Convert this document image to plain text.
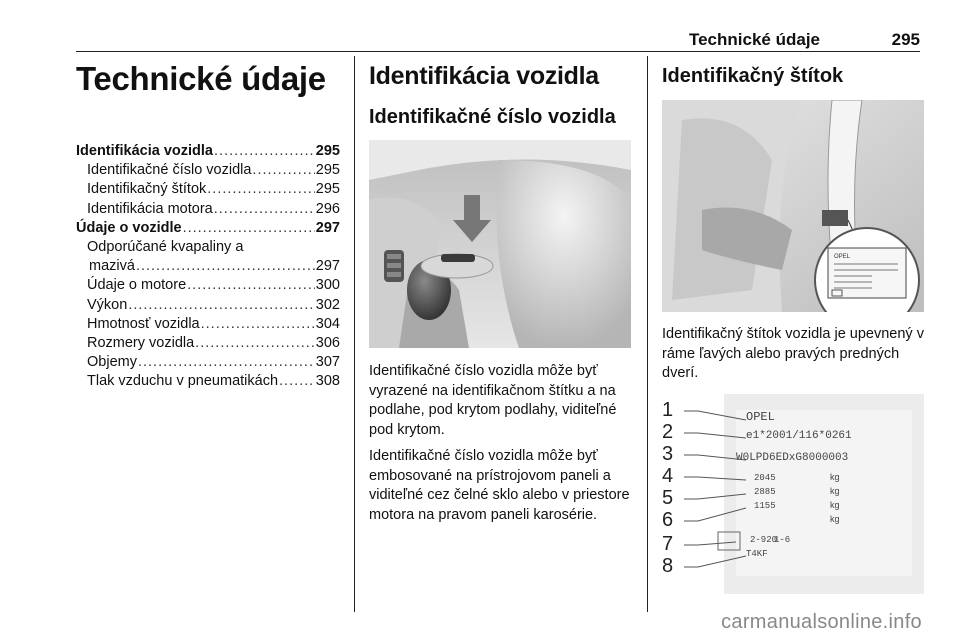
Technické údaje	295
Technické údaje
Identifikácia vozidla .....	295
Identifikačné číslo vozidla .....	295
Identifikačný štítok .....	295
Identifikácia motora .....	296
Údaje o vozidle .....	297
Odporúčané kvapaliny a
mazivá .....	297
Údaje o motore .....	300
Výkon .....	302
Hmotnosť vozidla .....	304
Rozmery vozidla .....	306
Objemy .....	307
Tlak vzduchu v pneumatikách .....	308
Identifikácia vozidla
Identifikačné číslo vozidla
Identifikačné číslo vozidla môže byť vyrazené na identifikačnom štítku a na podlahe, pod krytom podlahy, viditeľné pod krytom.
Identifikačné číslo vozidla môže byť embosované na prístrojovom paneli a viditeľné cez čelné sklo alebo v priestore motora na pravom paneli karosérie.
Identifikačný štítok
OPEL
Identifikačný štítok vozidla je upevnený v ráme ľavých alebo pravých predných dverí.
1
2
3
4
5
6
7
8
OPEL
e1*2001/116*0261
W0LPD6EDxG8000003
2045
2885
1155
2-920
1-6
T4KF
kg
kg
kg
kg
carmanualsonline.info
